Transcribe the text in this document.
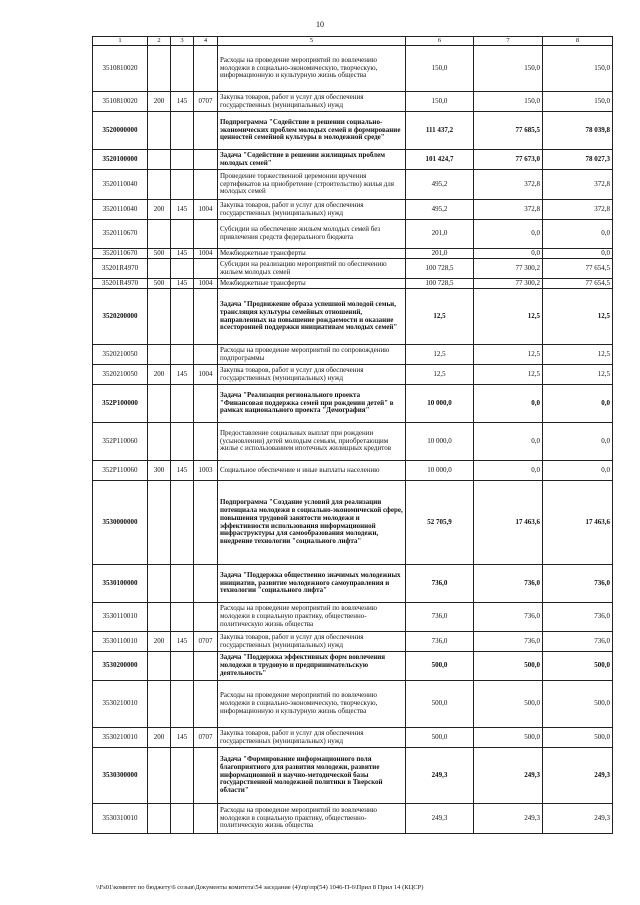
10
1	2	3	4	5	6	7	8
3510810020				Расходы на проведение мероприятий по вовлечению молодежи в социально-экономическую, творческую, информационную и культурную жизнь общества	150,0	150,0	150,0
3510810020	200	145	0707	Закупка товаров, работ и услуг для обеспечения государственных (муниципальных) нужд	150,0	150,0	150,0
3520000000				Подпрограмма "Содействие в решении социально-экономических проблем молодых семей и формирование ценностей семейной культуры в молодежной среде"	111 437,2	77 685,5	78 039,8
3520100000				Задача "Содействие в решении жилищных проблем молодых семей"	101 424,7	77 673,0	78 027,3
3520110040				Проведение торжественной церемонии вручения сертификатов на приобретение (строительство) жилья для молодых семей	495,2	372,8	372,8
3520110040	200	145	1004	Закупка товаров, работ и услуг для обеспечения государственных (муниципальных) нужд	495,2	372,8	372,8
3520110670				Субсидии на обеспечение жильем молодых семей без привлечения средств федерального бюджета	201,0	0,0	0,0
3520110670	500	145	1004	Межбюджетные трансферты	201,0	0,0	0,0
35201R4970				Субсидии на реализацию мероприятий по обеспечению жильем молодых семей	100 728,5	77 300,2	77 654,5
35201R4970	500	145	1004	Межбюджетные трансферты	100 728,5	77 300,2	77 654,5
3520200000				Задача "Продвижение образа успешной молодой семьи, трансляция культуры семейных отношений, направленных на повышение рождаемости и оказание всесторонней поддержки инициативам молодых семей"	12,5	12,5	12,5
3520210050				Расходы на проведение мероприятий по сопровождению подпрограммы	12,5	12,5	12,5
3520210050	200	145	1004	Закупка товаров, работ и услуг для обеспечения государственных (муниципальных) нужд	12,5	12,5	12,5
352P100000				Задача "Реализация регионального проекта "Финансовая поддержка семей при рождении детей" в рамках национального проекта "Демография"	10 000,0	0,0	0,0
352P110060				Предоставление социальных выплат при рождении (усыновлении) детей молодым семьям, приобретающим жилье с использованием ипотечных жилищных кредитов	10 000,0	0,0	0,0
352P110060	300	145	1003	Социальное обеспечение и иные выплаты населению	10 000,0	0,0	0,0
3530000000				Подпрограмма "Создание условий для реализации потенциала молодежи в социально-экономической сфере, повышения трудовой занятости молодежи и эффективности использования информационной инфраструктуры для самообразования молодежи, внедрение технологии "социального лифта"	52 705,9	17 463,6	17 463,6
3530100000				Задача "Поддержка общественно значимых молодежных инициатив, развитие молодежного самоуправления и технологии "социального лифта"	736,0	736,0	736,0
3530110010				Расходы на проведение мероприятий по вовлечению молодежи в социальную практику, общественно-политическую жизнь общества	736,0	736,0	736,0
3530110010	200	145	0707	Закупка товаров, работ и услуг для обеспечения государственных (муниципальных) нужд	736,0	736,0	736,0
3530200000				Задача "Поддержка эффективных форм вовлечения молодежи в трудовую и предпринимательскую деятельность"	500,0	500,0	500,0
3530210010				Расходы на проведение мероприятий по вовлечению молодежи в социально-экономическую, творческую, информационную и культурную жизнь общества	500,0	500,0	500,0
3530210010	200	145	0707	Закупка товаров, работ и услуг для обеспечения государственных (муниципальных) нужд	500,0	500,0	500,0
3530300000				Задача "Формирование информационного поля благоприятного для развития молодежи, развитие информационной и научно-методической базы государственной молодежной политики в Тверской области"	249,3	249,3	249,3
3530310010				Расходы на проведение мероприятий по вовлечению молодежи в социальную практику, общественно-политическую жизнь общества	249,3	249,3	249,3
\\Fs01\комитет по бюджету\6 созыв\Документы комитета\54 заседание (4)\пр\пр(54) 1046-П-6\Прил 8 Прил 14 (КЦСР)
